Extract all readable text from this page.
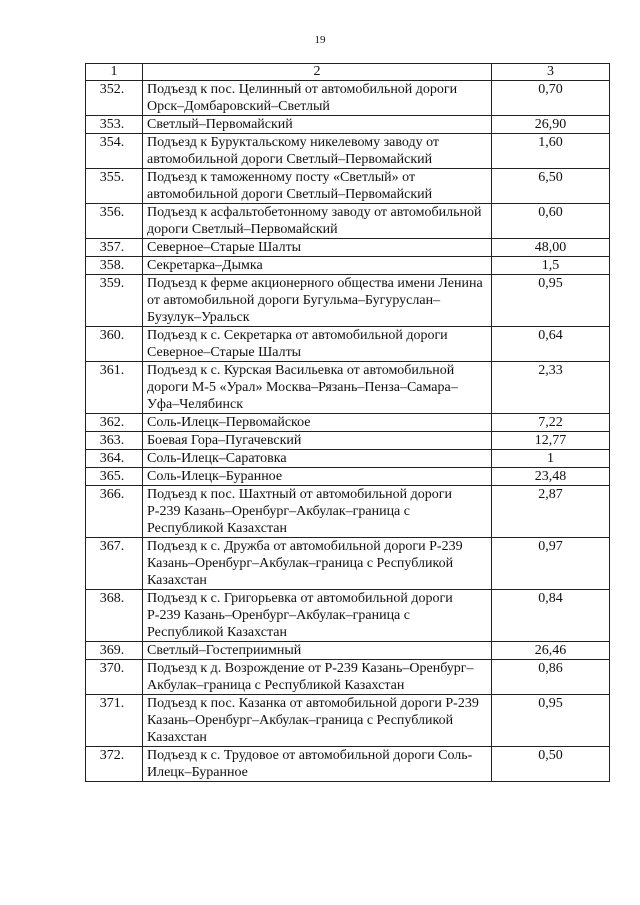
19
1	2	3
352.	Подъезд к пос. Целинный от автомобильной дороги Орск–Домбаровский–Светлый	0,70
353.	Светлый–Первомайский	26,90
354.	Подъезд к Буруктальскому никелевому заводу от автомобильной дороги Светлый–Первомайский	1,60
355.	Подъезд к таможенному посту «Светлый» от автомобильной дороги Светлый–Первомайский	6,50
356.	Подъезд к асфальтобетонному заводу от автомобильной дороги Светлый–Первомайский	0,60
357.	Северное–Старые Шалты	48,00
358.	Секретарка–Дымка	1,5
359.	Подъезд к ферме акционерного общества имени Ленина от автомобильной дороги Бугульма–Бугуруслан–Бузулук–Уральск	0,95
360.	Подъезд к с. Секретарка от автомобильной дороги Северное–Старые Шалты	0,64
361.	Подъезд к с. Курская Васильевка от автомобильной дороги М-5 «Урал» Москва–Рязань–Пенза–Самара–Уфа–Челябинск	2,33
362.	Соль-Илецк–Первомайское	7,22
363.	Боевая Гора–Пугачевский	12,77
364.	Соль-Илецк–Саратовка	1
365.	Соль-Илецк–Буранное	23,48
366.	Подъезд к пос. Шахтный от автомобильной дороги Р-239 Казань–Оренбург–Акбулак–граница с Республикой Казахстан	2,87
367.	Подъезд к с. Дружба от автомобильной дороги Р-239 Казань–Оренбург–Акбулак–граница с Республикой Казахстан	0,97
368.	Подъезд к с. Григорьевка от автомобильной дороги Р-239 Казань–Оренбург–Акбулак–граница с Республикой Казахстан	0,84
369.	Светлый–Гостеприимный	26,46
370.	Подъезд к д. Возрождение от Р-239 Казань–Оренбург–Акбулак–граница с Республикой Казахстан	0,86
371.	Подъезд к пос. Казанка от автомобильной дороги Р-239 Казань–Оренбург–Акбулак–граница с Республикой Казахстан	0,95
372.	Подъезд к с. Трудовое от автомобильной дороги Соль-Илецк–Буранное	0,50
